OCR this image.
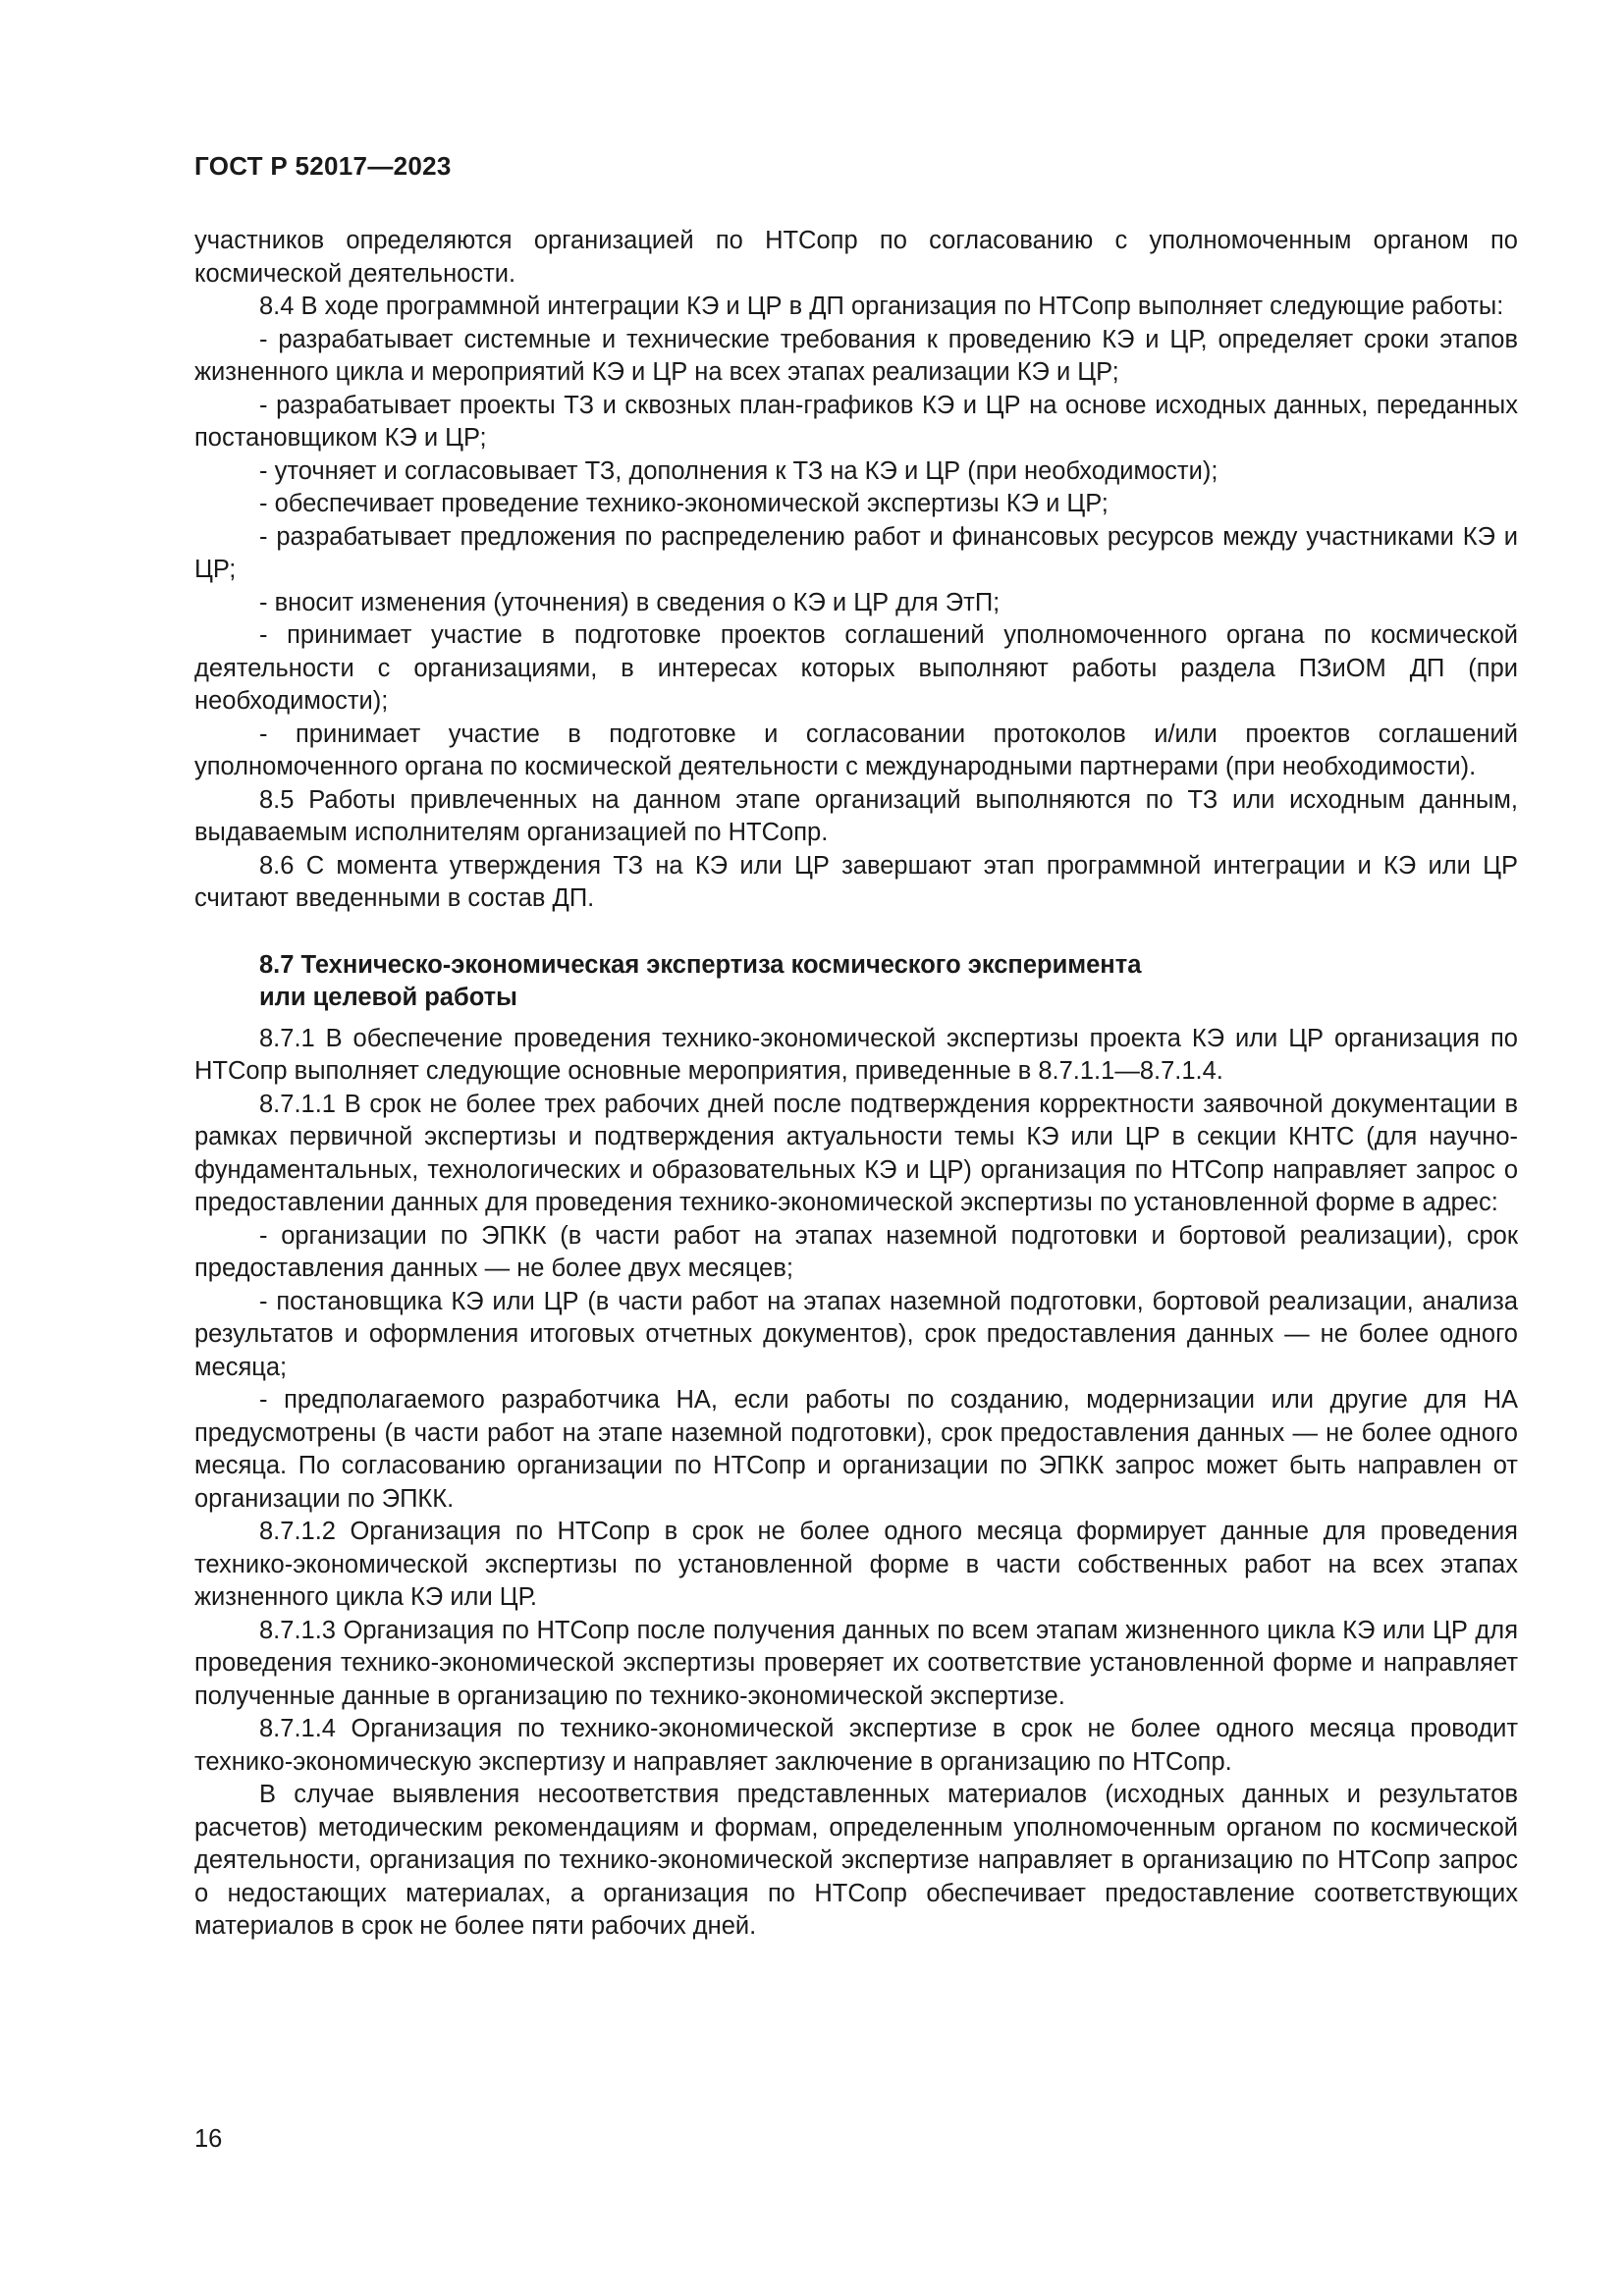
ГОСТ Р 52017—2023

участников определяются организацией по НТСопр по согласованию с уполномоченным органом по космической деятельности.

8.4 В ходе программной интеграции КЭ и ЦР в ДП организация по НТСопр выполняет следующие работы:

- разрабатывает системные и технические требования к проведению КЭ и ЦР, определяет сроки этапов жизненного цикла и мероприятий КЭ и ЦР на всех этапах реализации КЭ и ЦР;

- разрабатывает проекты ТЗ и сквозных план-графиков КЭ и ЦР на основе исходных данных, переданных постановщиком КЭ и ЦР;

- уточняет и согласовывает ТЗ, дополнения к ТЗ на КЭ и ЦР (при необходимости);

- обеспечивает проведение технико-экономической экспертизы КЭ и ЦР;

- разрабатывает предложения по распределению работ и финансовых ресурсов между участниками КЭ и ЦР;

- вносит изменения (уточнения) в сведения о КЭ и ЦР для ЭтП;

- принимает участие в подготовке проектов соглашений уполномоченного органа по космической деятельности с организациями, в интересах которых выполняют работы раздела ПЗиОМ ДП (при необходимости);

- принимает участие в подготовке и согласовании протоколов и/или проектов соглашений уполномоченного органа по космической деятельности с международными партнерами (при необходимости).

8.5 Работы привлеченных на данном этапе организаций выполняются по ТЗ или исходным данным, выдаваемым исполнителям организацией по НТСопр.

8.6 С момента утверждения ТЗ на КЭ или ЦР завершают этап программной интеграции и КЭ или ЦР считают введенными в состав ДП.

8.7 Техническо-экономическая экспертиза космического эксперимента
или целевой работы

8.7.1 В обеспечение проведения технико-экономической экспертизы проекта КЭ или ЦР организация по НТСопр выполняет следующие основные мероприятия, приведенные в 8.7.1.1—8.7.1.4.

8.7.1.1 В срок не более трех рабочих дней после подтверждения корректности заявочной документации в рамках первичной экспертизы и подтверждения актуальности темы КЭ или ЦР в секции КНТС (для научно-фундаментальных, технологических и образовательных КЭ и ЦР) организация по НТСопр направляет запрос о предоставлении данных для проведения технико-экономической экспертизы по установленной форме в адрес:

- организации по ЭПКК (в части работ на этапах наземной подготовки и бортовой реализации), срок предоставления данных — не более двух месяцев;

- постановщика КЭ или ЦР (в части работ на этапах наземной подготовки, бортовой реализации, анализа результатов и оформления итоговых отчетных документов), срок предоставления данных — не более одного месяца;

- предполагаемого разработчика НА, если работы по созданию, модернизации или другие для НА предусмотрены (в части работ на этапе наземной подготовки), срок предоставления данных — не более одного месяца. По согласованию организации по НТСопр и организации по ЭПКК запрос может быть направлен от организации по ЭПКК.

8.7.1.2 Организация по НТСопр в срок не более одного месяца формирует данные для проведения технико-экономической экспертизы по установленной форме в части собственных работ на всех этапах жизненного цикла КЭ или ЦР.

8.7.1.3 Организация по НТСопр после получения данных по всем этапам жизненного цикла КЭ или ЦР для проведения технико-экономической экспертизы проверяет их соответствие установленной форме и направляет полученные данные в организацию по технико-экономической экспертизе.

8.7.1.4 Организация по технико-экономической экспертизе в срок не более одного месяца проводит технико-экономическую экспертизу и направляет заключение в организацию по НТСопр.

В случае выявления несоответствия представленных материалов (исходных данных и результатов расчетов) методическим рекомендациям и формам, определенным уполномоченным органом по космической деятельности, организация по технико-экономической экспертизе направляет в организацию по НТСопр запрос о недостающих материалах, а организация по НТСопр обеспечивает предоставление соответствующих материалов в срок не более пяти рабочих дней.

16
